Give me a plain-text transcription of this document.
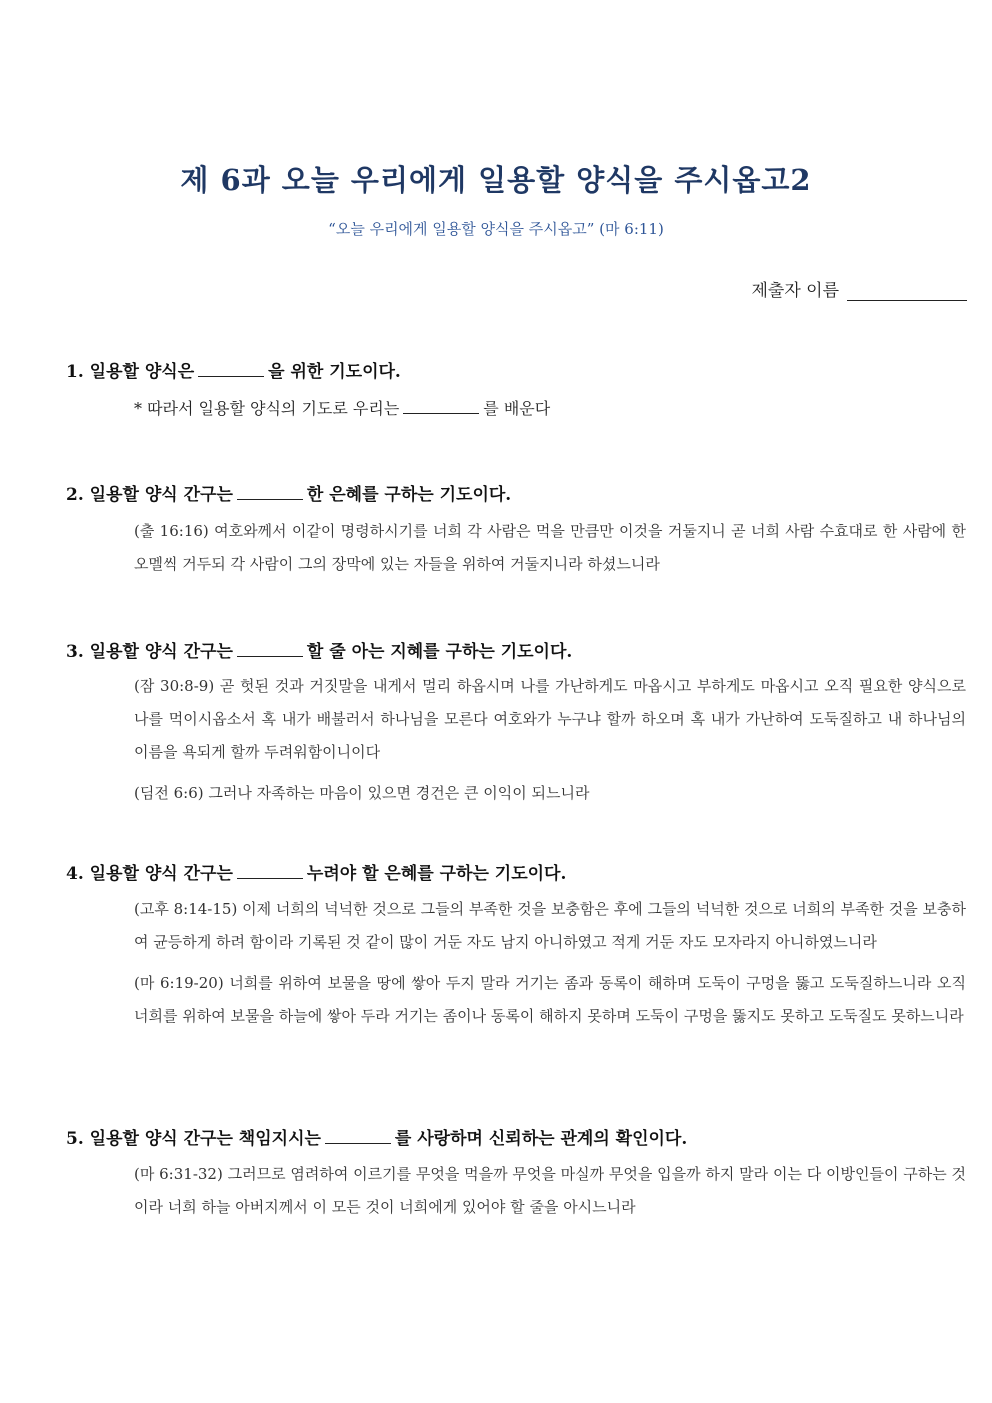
제 6과 오늘 우리에게 일용할 양식을 주시옵고2
“오늘 우리에게 일용할 양식을 주시옵고” (마 6:11)
제출자 이름
1. 일용할 양식은	을 위한 기도이다.
* 따라서 일용할 양식의 기도로 우리는	를 배운다
2. 일용할 양식 간구는	한 은혜를 구하는 기도이다.
(출 16:16) 여호와께서 이같이 명령하시기를 너희 각 사람은 먹을 만큼만 이것을 거둘지니 곧 너희 사람 수효대로 한 사람에 한 오멜씩 거두되 각 사람이 그의 장막에 있는 자들을 위하여 거둘지니라 하셨느니라
3. 일용할 양식 간구는	할 줄 아는 지혜를 구하는 기도이다.
(잠 30:8-9) 곧 헛된 것과 거짓말을 내게서 멀리 하옵시며 나를 가난하게도 마옵시고 부하게도 마옵시고 오직 필요한 양식으로 나를 먹이시옵소서 혹 내가 배불러서 하나님을 모른다 여호와가 누구냐 할까 하오며 혹 내가 가난하여 도둑질하고 내 하나님의 이름을 욕되게 할까 두려워함이니이다
(딤전 6:6) 그러나 자족하는 마음이 있으면 경건은 큰 이익이 되느니라
4. 일용할 양식 간구는	누려야 할 은혜를 구하는 기도이다.
(고후 8:14-15) 이제 너희의 넉넉한 것으로 그들의 부족한 것을 보충함은 후에 그들의 넉넉한 것으로 너희의 부족한 것을 보충하여 균등하게 하려 함이라 기록된 것 같이 많이 거둔 자도 남지 아니하였고 적게 거둔 자도 모자라지 아니하였느니라
(마 6:19-20) 너희를 위하여 보물을 땅에 쌓아 두지 말라 거기는 좀과 동록이 해하며 도둑이 구멍을 뚫고 도둑질하느니라 오직 너희를 위하여 보물을 하늘에 쌓아 두라 거기는 좀이나 동록이 해하지 못하며 도둑이 구멍을 뚫지도 못하고 도둑질도 못하느니라
5. 일용할 양식 간구는 책임지시는	를 사랑하며 신뢰하는 관계의 확인이다.
(마 6:31-32) 그러므로 염려하여 이르기를 무엇을 먹을까 무엇을 마실까 무엇을 입을까 하지 말라 이는 다 이방인들이 구하는 것이라 너희 하늘 아버지께서 이 모든 것이 너희에게 있어야 할 줄을 아시느니라
